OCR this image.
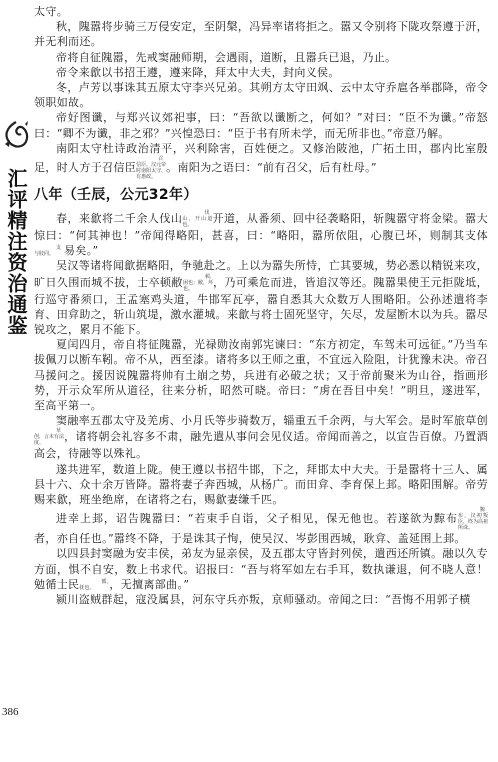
汇评精注资治通鉴
386

太守。

秋，隗嚣将步骑三万侵安定，至阴槃，冯异率诸将拒之。嚣又令别将下陇攻祭遵于汧，并无利而还。

帝将自征隗嚣，先戒窦融师期，会遇雨，道断，且嚣兵已退，乃止。

帝令来歙以书招王遵，遵来降，拜太中大夫，封向义侯。

冬，卢芳以事诛其五原太守李兴兄弟。其朔方太守田飒、云中太守乔扈各举郡降，帝令领职如故。

帝好图谶，与郑兴议郊祀事，曰：“吾欲以谶断之，何如？”对曰：“臣不为谶。”帝怒曰：“卿不为谶，非之邪？”兴惶恐曰：“臣于书有所未学，而无所非也。”帝意乃解。

南阳太守杜诗政治清平，兴利除害，百姓便之。又修治陂池，广拓土田，郡内比室殷足，时人方于召信臣召信臣，汉元帝时南阳太守，有惠政。。南阳为之语曰：“前有召父，后有杜母。”

八年（壬辰，公元32年）

春，来歙将二千余人伐山	伐山，开山道也。 开道，从番须、回中径袭略阳，斩隗嚣守将金梁。嚣大惊曰：“何其神也！”帝闻得略阳，甚喜，曰：“略阳，嚣所依阻，心腹已坏，则制其支体支与肢同。 易矣。”

吴汉等诸将闻歙据略阳，争驰赴之。上以为嚣失所恃，亡其要城，势必悉以精锐来攻，旷日久围而城不拔，士卒顿敝	顿，困也；敝，坏也。 ，乃可乘危而进，皆追汉等还。隗嚣果使王元拒陇坻，行巡守番须口，王孟塞鸡头道，牛邯军瓦亭，嚣自悉其大众数万人围略阳。公孙述遣将李育、田弇助之，斩山筑堤，激水灌城。来歙与将士固死坚守，矢尽，发屋断木以为兵。嚣尽锐攻之，累月不能下。

夏闰四月，帝自将征隗嚣，光禄勋汝南郭宪谏曰：“东方初定，车驾未可远征。”乃当车拔佩刀以断车靷。帝不从，西至漆。诸将多以王师之重，不宜远入险阻，计犹豫未决。帝召马援问之。援因说隗嚣将帅有土崩之势，兵进有必破之状；又于帝前聚米为山谷，指画形势，开示众军所从道径，往来分析，昭然可晓。帝曰：“虏在吾目中矣！”明旦，遂进军，至高平第一。

窦融率五郡太守及羌虏、小月氏等步骑数万，辎重五千余两，与大军会。是时军旅草创草创，言未有法度。 ，诸将朝会礼容多不肃，融先遣从事问会见仪适。帝闻而善之，以宣告百僚。乃置酒高会，待融等以殊礼。

遂共进军，数道上陇。使王遵以书招牛邯，下之，拜邯太中大夫。于是嚣将十三人、属县十六、众十余万皆降。嚣将妻子奔西城，从杨广。而田弇、李育保上邽。略阳围解。帝劳赐来歙，班坐绝席，在诸将之右，赐歙妻缣千匹。

进幸上邽，诏告隗嚣曰：“若束手自诣，父子相见，保无他也。若遂欲为黥布黥布，汉初叛臣，终为高祖所诛。者，亦自任也。”嚣终不降，于是诛其子恂，使吴汉、岑彭围西城，耿弇、盖延围上邽。

以四县封窦融为安丰侯，弟友为显亲侯，及五郡太守皆封列侯，遣西还所镇。融以久专方面，惧不自安，数上书求代。诏报曰：“吾与将军如左右手耳，数执谦退，何不晓人意！勉循士民	循，抚也。 ，无擅离部曲。”

颍川盗贼群起，寇没属县，河东守兵亦叛，京师骚动。帝闻之曰：“吾悔不用郭子横
